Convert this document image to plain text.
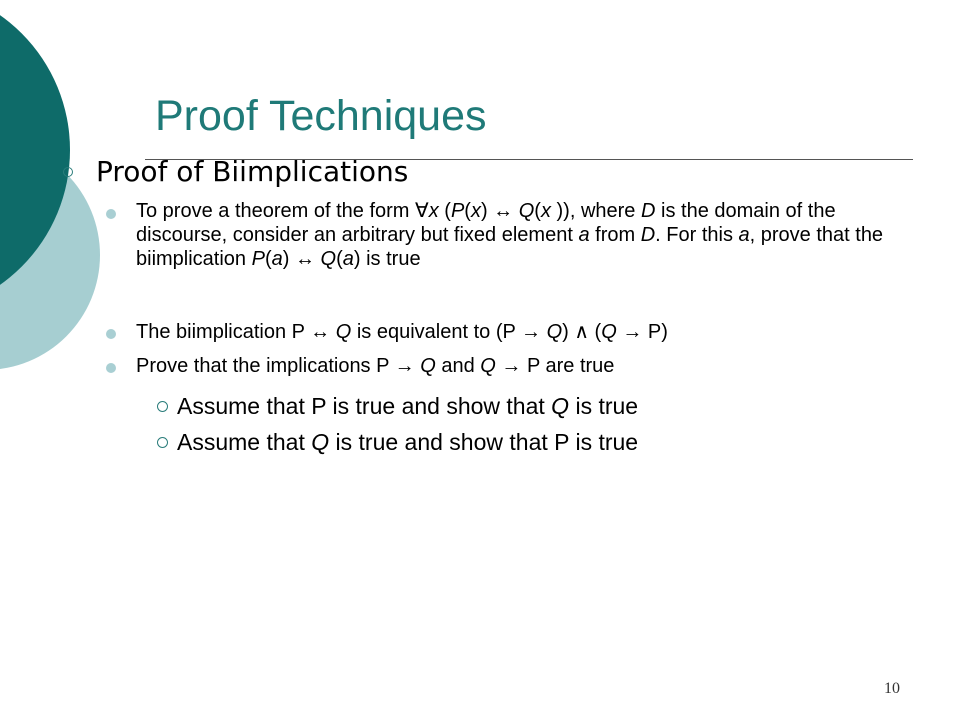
Proof Techniques
Proof of Biimplications
To prove a theorem of the form ∀x (P(x) ↔ Q(x )), where D is the domain of the discourse, consider an arbitrary but fixed element a from D. For this a, prove that the biimplication P(a) ↔ Q(a) is true
The biimplication P ↔ Q is equivalent to (P → Q) ∧ (Q → P)
Prove that the implications P → Q and Q → P are true
Assume that P is true and show that Q is true
Assume that Q is true and show that P is true
10
